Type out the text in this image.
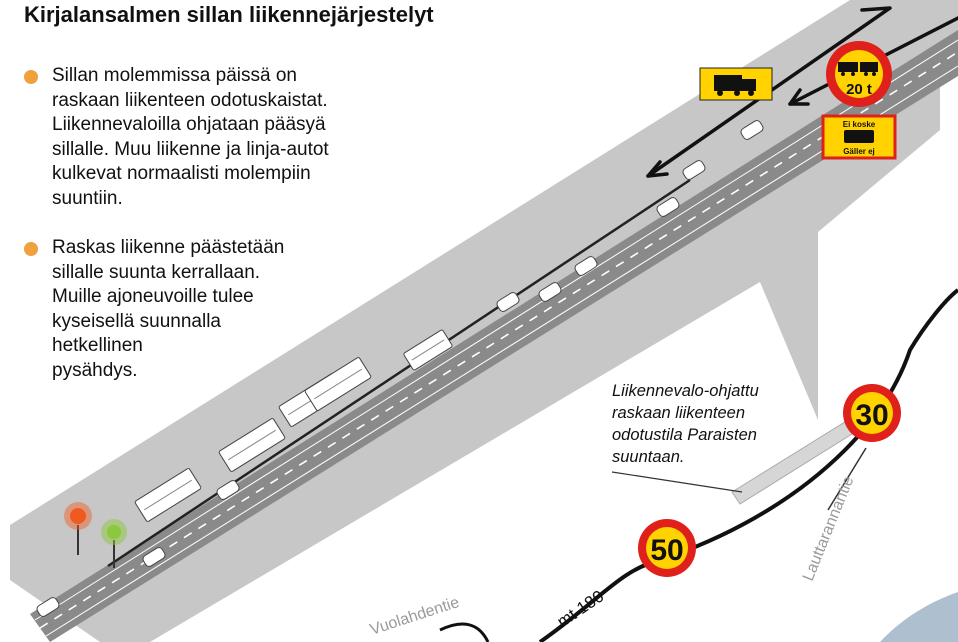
20 t
Ei koske
Gäller ej
50
30
mt 180
Vuolahdentie
Lauttarannantie
Kirjalansalmen sillan liikennejärjestelyt

Sillan molemmissa päissä on
raskaan liikenteen odotuskaistat.
Liikennevaloilla ohjataan pääsyä
sillalle. Muu liikenne ja linja-autot
kulkevat normaalisti molempiin
suuntiin.

Raskas liikenne päästetään
sillalle suunta kerrallaan.
Muille ajoneuvoille tulee
kyseisellä suunnalla
hetkellinen
pysähdys.

Liikennevalo-ohjattu
raskaan liikenteen
odotustila Paraisten
suuntaan.
